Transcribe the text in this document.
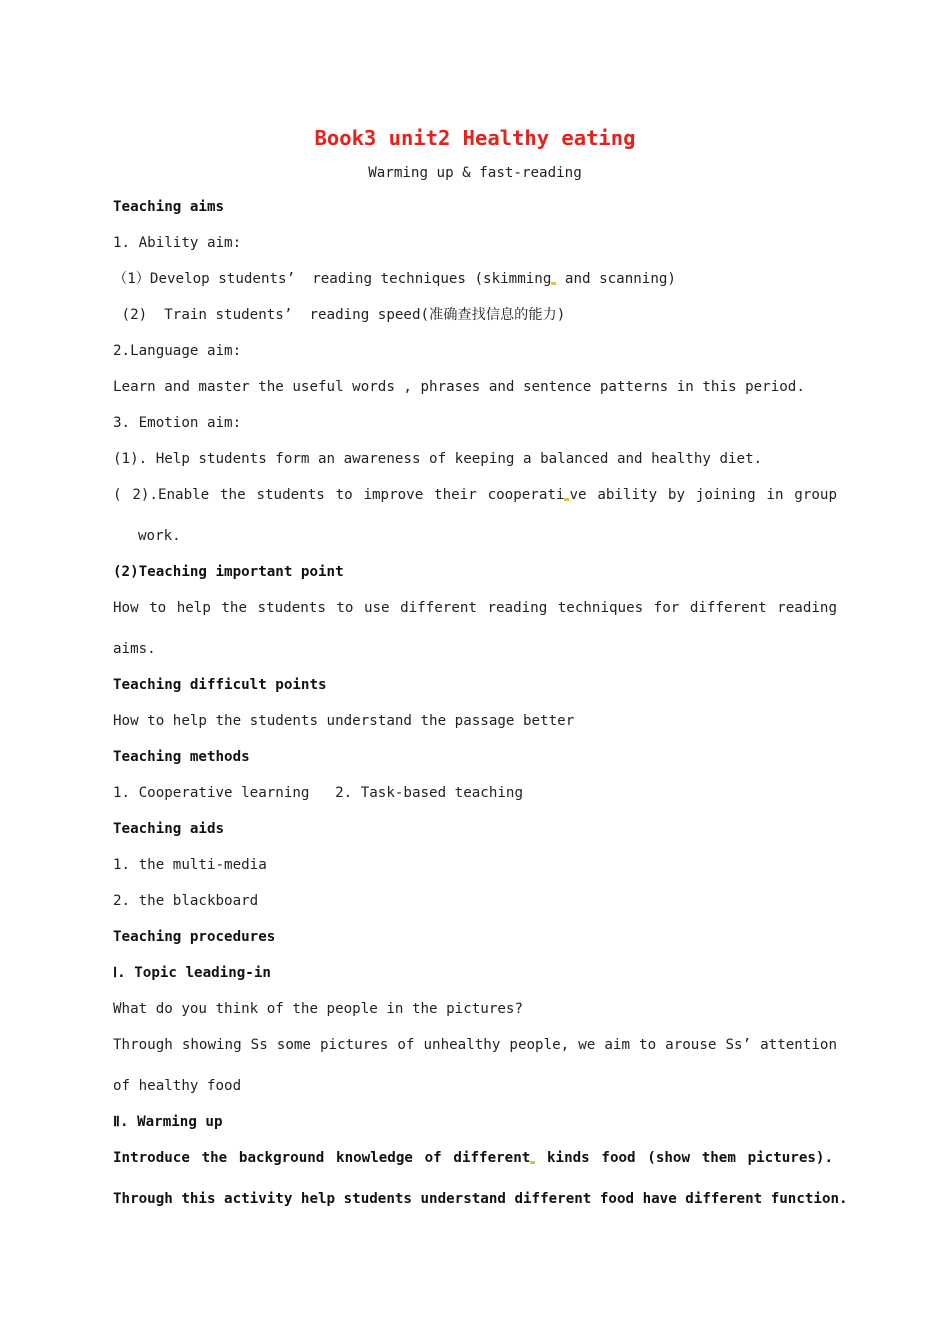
Book3 unit2 Healthy eating
Warming up & fast-reading
Teaching aims
1. Ability aim:
（1）Develop students’  reading techniques (skimming and scanning)
(2)  Train students’  reading speed(准确查找信息的能力)
2.Language aim:
Learn and master the useful words , phrases and sentence patterns in this period.
3. Emotion aim:
(1). Help students form an awareness of keeping a balanced and healthy diet.
( 2).Enable the students to improve their cooperati ve ability by joining in group
work.
(2)Teaching important point
How to help the students to use different reading techniques for different reading
aims.
Teaching difficult points
How to help the students understand the passage better
Teaching methods
1. Cooperative learning   2. Task-based teaching
Teaching aids
1. the multi-media
2. the blackboard
Teaching procedures
Ⅰ. Topic leading-in
What do you think of the people in the pictures?
Through showing Ss some pictures of unhealthy people, we aim to arouse Ss’ attention
of healthy food
Ⅱ. Warming up
Introduce the background knowledge of different kinds food (show them pictures).
Through this activity help students understand different food have different function.
